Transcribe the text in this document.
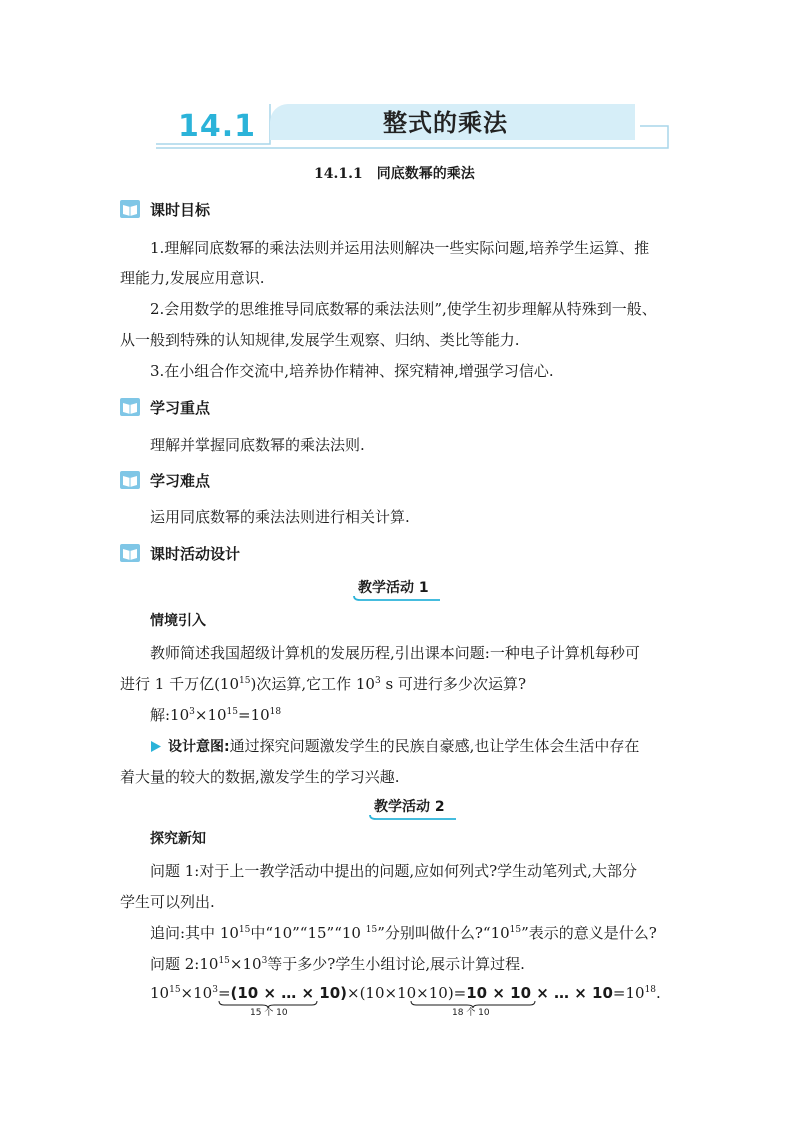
14.1	整式的乘法
14.1.1　同底数幂的乘法
课时目标
1.理解同底数幂的乘法法则并运用法则解决一些实际问题,培养学生运算、推
理能力,发展应用意识.
2.会用数学的思维推导同底数幂的乘法法则”,使学生初步理解从特殊到一般、
从一般到特殊的认知规律,发展学生观察、归纳、类比等能力.
3.在小组合作交流中,培养协作精神、探究精神,增强学习信心.
学习重点
理解并掌握同底数幂的乘法法则.
学习难点
运用同底数幂的乘法法则进行相关计算.
课时活动设计
教学活动 1
情境引入
教师简述我国超级计算机的发展历程,引出课本问题:一种电子计算机每秒可
进行 1 千万亿$(10^{15})$次运算,它工作 $10^3$ s 可进行多少次运算?
解$:10^3\times 10^{15}=10^{18}$
设计意图:通过探究问题激发学生的民族自豪感,也让学生体会生活中存在
着大量的较大的数据,激发学生的学习兴趣.
教学活动 2
探究新知
问题 1:对于上一教学活动中提出的问题,应如何列式?学生动笔列式,大部分
学生可以列出.
追问:其中 $10^{15}$中“10”“15”“10 $^{15}$”分别叫做什么$?“10^{15}$”表示的意义是什么?
问题 $2:10^{15}\times 10^3$等于多少?学生小组讨论,展示计算过程.
$10^{15}\times 10^3=(10$ × … × 10)×(10×10×10)=10 × 10 × … × $10=10^{18}$.
15 个 10	18 个 10
